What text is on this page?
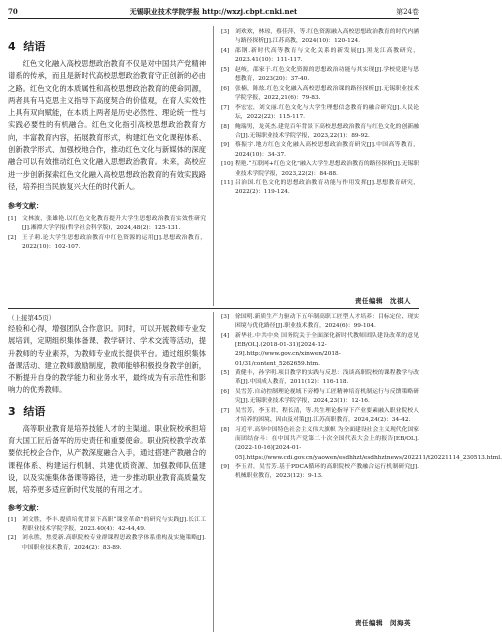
70	无锡职业技术学院学报 http://wxzj.cbpt.cnki.net	第24卷
4 结语

红色文化融入高校思想政治教育不仅是对中国共产党精神谱系的传承，而且是新时代高校思想政治教育守正创新的必由之路。红色文化的本质属性和高校思想政治教育的使命同源，两者具有马克思主义指导下高度契合的价值观，在育人实效性上具有双向赋能，在本质上两者是历史必然性、理论统一性与实践必要性的有机融合。红色文化指引高校思想政治教育方向，丰富教育内容，拓展教育形式，构建红色文化课程体系、创新教学形式、加强校地合作，推动红色文化与新媒体的深度融合可以有效推动红色文化融入思想政治教育。未来，高校应进一步创新探索红色文化融入高校思想政治教育的有效实践路径，培养担当民族复兴大任的时代新人。

参考文献：
[1] 文林波，张雄艳.以红色文化教育提升大学生思想政治教育实效性研究[J].湘潭大学学报(哲学社会科学版)，2024,48(2)：125-131.
[2] 王子莉.论大学生思想政治教育中红色资源的运用[J].思想政治教育，2022(10)：102-107.
[3] 刘欢欢，林琼，蔡佳萍，等.红色资源融入高校思想政治教育的时代内涵与路径探析[J].江苏高教，2024(10)：120-124.
[4] 邵钢.新时代高等教育与文化关系的新发展[J].黑龙江高教研究，2023.41(10)：111-117.
[5] 赵岐，邵家于.红色文化资源的思想政治功能与其实现[J].学校党建与思想教育，2023(20)：37-40.
[6] 张楠，陈炫.红色文化融入高校思想政治课的路径探析[J].无锡职业技术学院学报，2022,21(6)：79-83.
[7] 李宏宏，刘文丽.红色文化与大学生理想信念教育的融合研究[J].人民论坛，2022(22)：115-117.
[8] 鲍瑞男，龙英杰.建党百年背景下高校思想政治教育与红色文化的创新融合[J].无锡职业技术学院学报，2023,22(1)：89-92.
[9] 蔡振宇.地方红色文化融入高校思想政治教育研究[J].中国高等教育，2024(10)：34-37.
[10] 程艳.“互联网+红色文化”融入大学生思想政治教育的路径探析[J].无锡职业技术学院学报，2023,22(2)：84-88.
[11] 吕治国.红色文化的思想政治教育功能与作用发挥[J].思想教育研究，2022(2)：119-124.
责任编辑　沈祺人
（上接第45页）

经验和心得，增强团队合作意识。同时，可以开展教师专业发展培训，定期组织集体备课、教学研讨、学术交流等活动，提升教师的专业素养，为教师专业成长提供平台。通过组织集体备课活动、建立教师激励制度，教师能够积极投身教学创新，不断提升自身的教学能力和业务水平，最终成为有示范性和影响力的优秀教师。

3 结语

高等职业教育是培养技能人才的主渠道。职业院校承担培育大国工匠后备军的历史责任和重要使命。职业院校教学改革要依托校企合作，从产教深度融合入手，通过搭建产教融合的课程体系、构建运行机制、共建优质资源、加强教师队伍建设，以及实施集体备课等路径，进一步推动职业教育高质量发展，培养更多适应新时代发展的有用之才。

参考文献：
[1] 刘文胜，李丰.提质培优背景下高职“课堂革命”的研究与实践[J].长江工程职业技术学院学报，2023.40(4)：42-44,49.
[2] 刘永胜，焦爱新.高职院校专业群课程思政教学体系重构及实施策略[J].中国职业技术教育，2024(2)：83-89.
[3] 徐国明.新质生产力驱动下五年制高职工匠型人才培养：目标定位、现实困境与优化路径[J].职业技术教育，2024(6)：99-104.
[4] 新华社.中共中央 国务院关于全面深化新时代教师团队建设改革的意见[EB/OL].(2018-01-31)[2024-12-29].http://www.gov.cn/xinwen/2018-01/31/content_5262659.htm.
[5] 黄健丰，孙学明.项目教学的实践与反思：浅谈高职院校的课程教学与改革[J].中国成人教育，2011(12)：116-118.
[6] 吴雪芳.自动控制理论视域下旁樽与工匠精神培育机制运行与反馈策略研究[J].无锡职业技术学院学报，2024,23(1)：12-16.
[7] 吴雪芳，李玉君，程长清，等.共生理论指导下产业要素融入职业院校人才培养的困境、因由及对策[J].江苏高职教育，2024,24(2)：34-42.
[8] 习近平.高举中国特色社会主义伟大旗帜 为全面建设社会主义现代化国家而团结奋斗：在中国共产党第二十次全国代表大会上的报告[EB/OL].(2022-10-16)[2024-01-05].https://www.cdi.gov.cn/yaowen/esdhhzt/esdhhztnews/202211/t20221114_230513.html.
[9] 李玉君，吴雪芳.基于PDCA循环的高职院校产教融合运行机制研究[J].机械职业教育，2023(12)：9-13.
责任编辑　闵海英
